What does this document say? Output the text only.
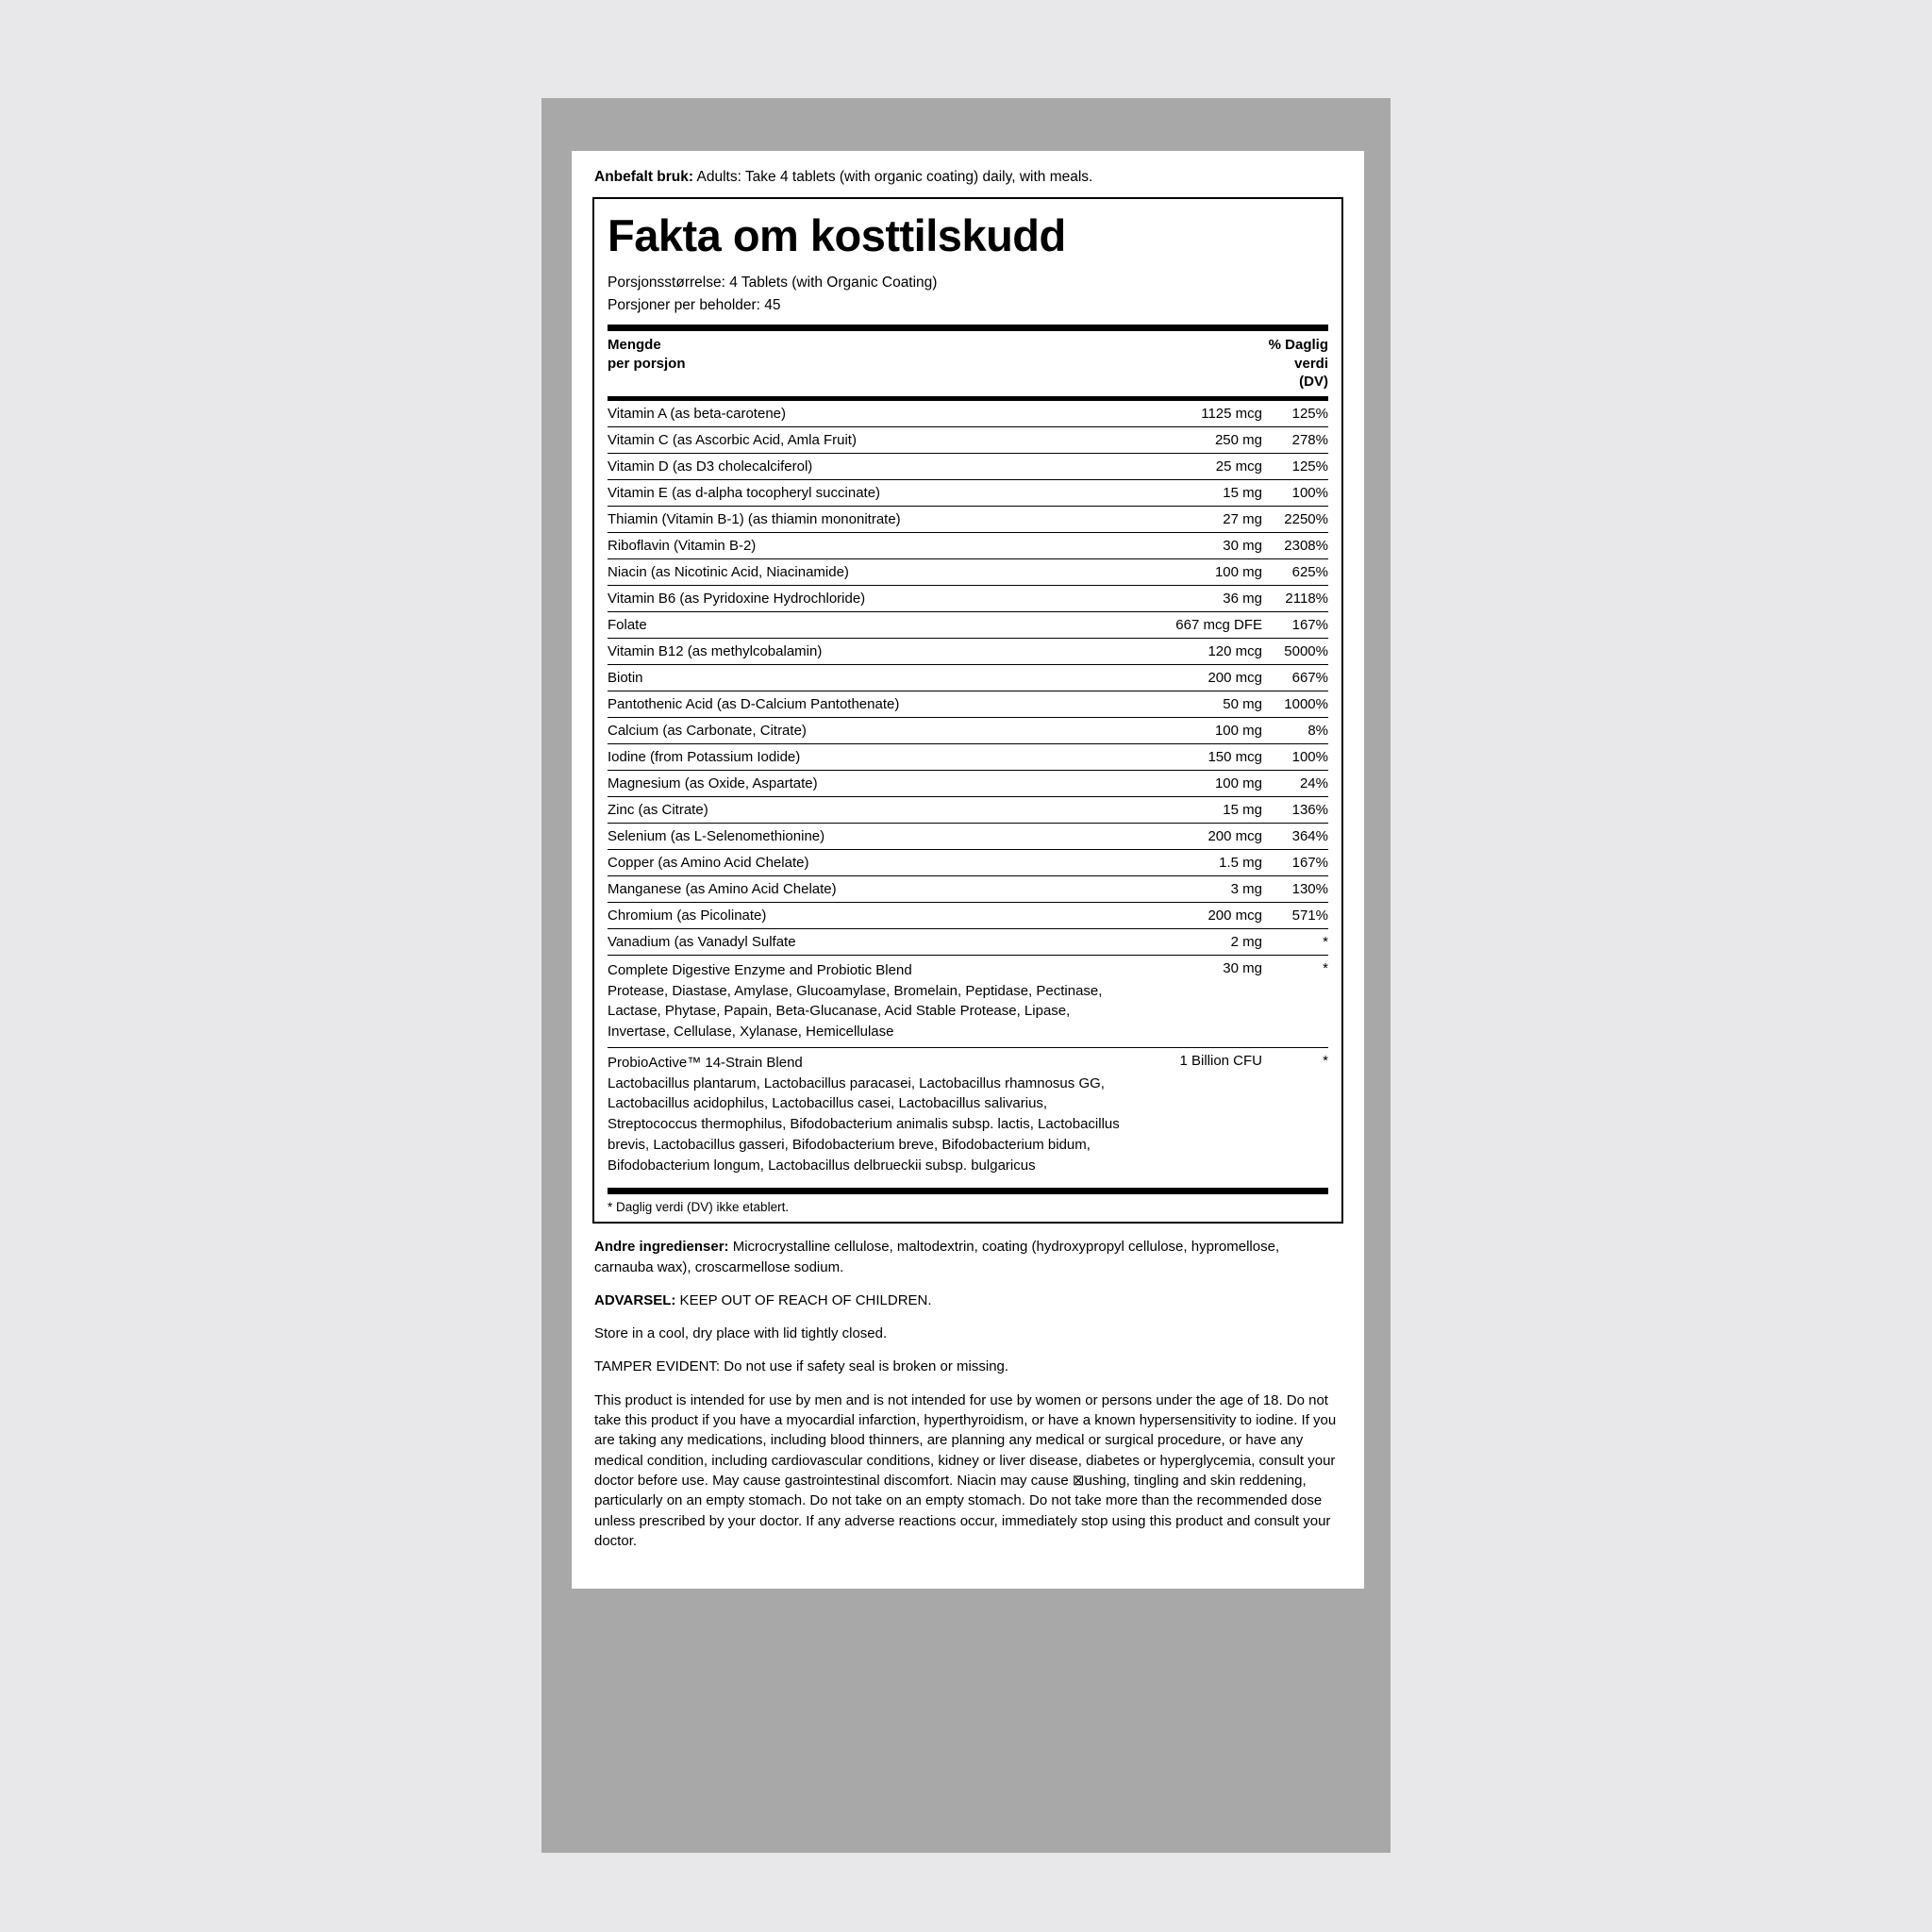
Anbefalt bruk: Adults: Take 4 tablets (with organic coating) daily, with meals.
Fakta om kosttilskudd
Porsjonsstørrelse: 4 Tablets (with Organic Coating)
Porsjoner per beholder: 45
Mengde
per porsjon

% Daglig
verdi
(DV)
Vitamin A (as beta-carotene)	1125 mcg	125%
Vitamin C (as Ascorbic Acid, Amla Fruit)	250 mg	278%
Vitamin D (as D3 cholecalciferol)	25 mcg	125%
Vitamin E (as d-alpha tocopheryl succinate)	15 mg	100%
Thiamin (Vitamin B-1) (as thiamin mononitrate)	27 mg	2250%
Riboflavin (Vitamin B-2)	30 mg	2308%
Niacin (as Nicotinic Acid, Niacinamide)	100 mg	625%
Vitamin B6 (as Pyridoxine Hydrochloride)	36 mg	2118%
Folate	667 mcg DFE	167%
Vitamin B12 (as methylcobalamin)	120 mcg	5000%
Biotin	200 mcg	667%
Pantothenic Acid (as D-Calcium Pantothenate)	50 mg	1000%
Calcium (as Carbonate, Citrate)	100 mg	8%
Iodine (from Potassium Iodide)	150 mcg	100%
Magnesium (as Oxide, Aspartate)	100 mg	24%
Zinc (as Citrate)	15 mg	136%
Selenium (as L-Selenomethionine)	200 mcg	364%
Copper (as Amino Acid Chelate)	1.5 mg	167%
Manganese (as Amino Acid Chelate)	3 mg	130%
Chromium (as Picolinate)	200 mcg	571%
Vanadium (as Vanadyl Sulfate	2 mg	*

Complete Digestive Enzyme and Probiotic Blend
Protease, Diastase, Amylase, Glucoamylase, Bromelain, Peptidase, Pectinase, Lactase, Phytase, Papain, Beta-Glucanase, Acid Stable Protease, Lipase, Invertase, Cellulase, Xylanase, Hemicellulase	30 mg	*

ProbioActive™ 14-Strain Blend
Lactobacillus plantarum, Lactobacillus paracasei, Lactobacillus rhamnosus GG, Lactobacillus acidophilus, Lactobacillus casei, Lactobacillus salivarius, Streptococcus thermophilus, Bifodobacterium animalis subsp. lactis, Lactobacillus brevis, Lactobacillus gasseri, Bifodobacterium breve, Bifodobacterium bidum, Bifodobacterium longum, Lactobacillus delbrueckii subsp. bulgaricus	1 Billion CFU	*
* Daglig verdi (DV) ikke etablert.

Andre ingredienser: Microcrystalline cellulose, maltodextrin, coating (hydroxypropyl cellulose, hypromellose, carnauba wax), croscarmellose sodium.

ADVARSEL: KEEP OUT OF REACH OF CHILDREN.

Store in a cool, dry place with lid tightly closed.

TAMPER EVIDENT: Do not use if safety seal is broken or missing.

This product is intended for use by men and is not intended for use by women or persons under the age of 18. Do not take this product if you have a myocardial infarction, hyperthyroidism, or have a known hypersensitivity to iodine. If you are taking any medications, including blood thinners, are planning any medical or surgical procedure, or have any medical condition, including cardiovascular conditions, kidney or liver disease, diabetes or hyperglycemia, consult your doctor before use. May cause gastrointestinal discomfort. Niacin may cause ⊠ushing, tingling and skin reddening, particularly on an empty stomach. Do not take on an empty stomach. Do not take more than the recommended dose unless prescribed by your doctor. If any adverse reactions occur, immediately stop using this product and consult your doctor.
